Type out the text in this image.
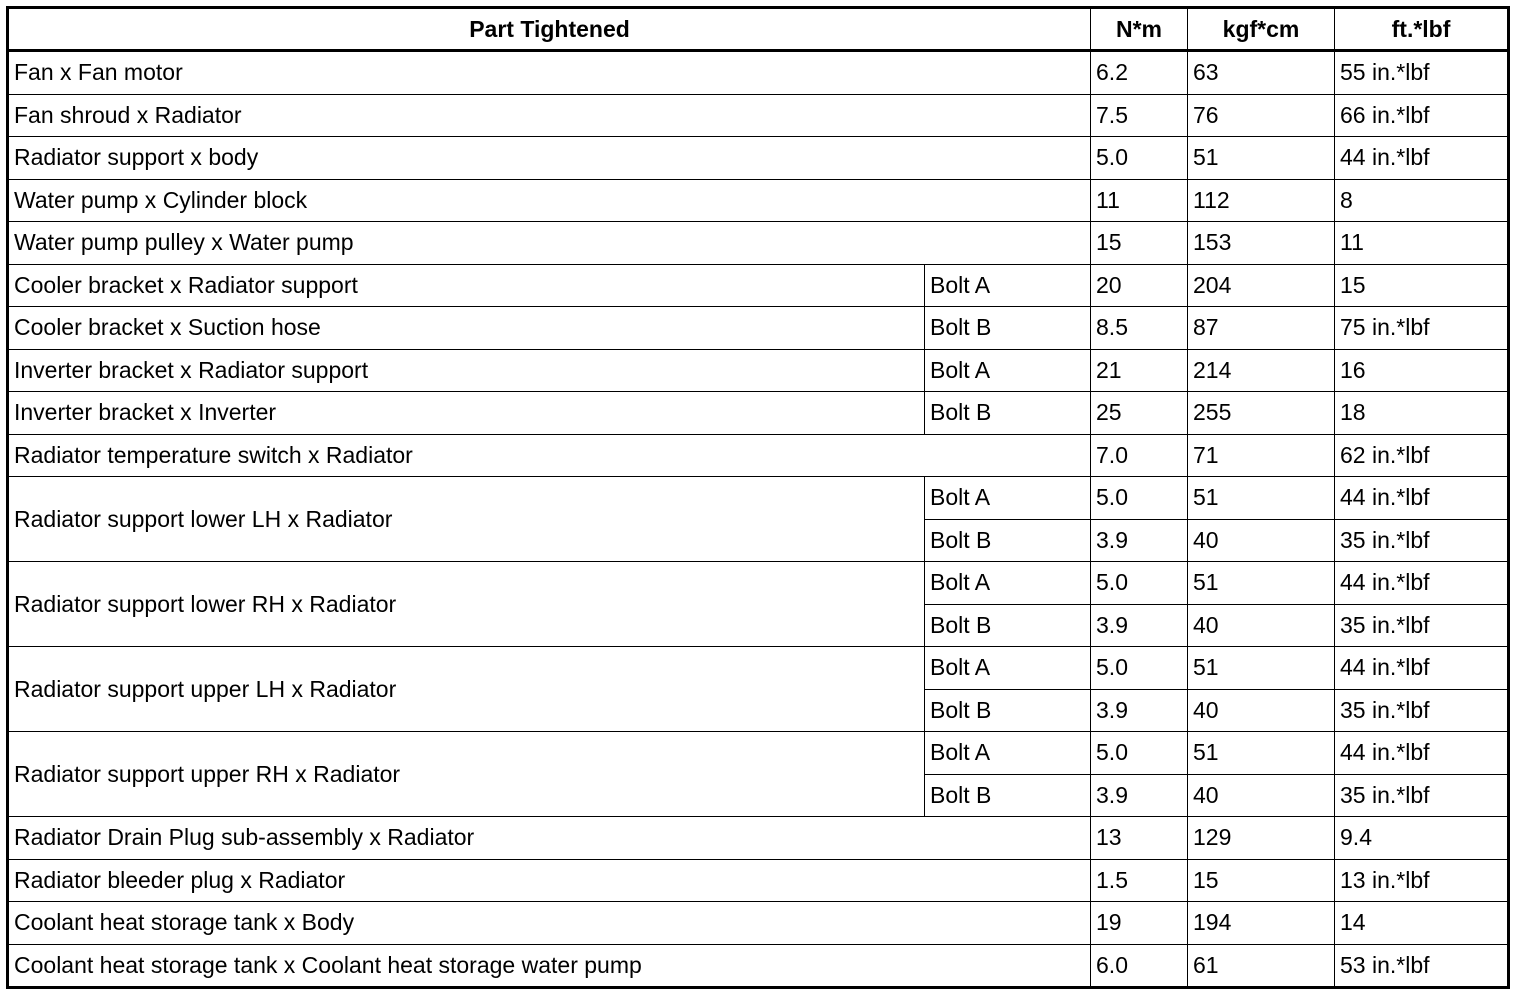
Part Tightened		N*m	kgf*cm	ft.*lbf
Fan x Fan motor		6.2	63	55 in.*lbf
Fan shroud x Radiator		7.5	76	66 in.*lbf
Radiator support x body		5.0	51	44 in.*lbf
Water pump x Cylinder block		11	112	8
Water pump pulley x Water pump		15	153	11
Cooler bracket x Radiator support	Bolt A	20	204	15
Cooler bracket x Suction hose	Bolt B	8.5	87	75 in.*lbf
Inverter bracket x Radiator support	Bolt A	21	214	16
Inverter bracket x Inverter	Bolt B	25	255	18
Radiator temperature switch x Radiator		7.0	71	62 in.*lbf
Radiator support lower LH x Radiator	Bolt A	5.0	51	44 in.*lbf
	Bolt B	3.9	40	35 in.*lbf
Radiator support lower RH x Radiator	Bolt A	5.0	51	44 in.*lbf
	Bolt B	3.9	40	35 in.*lbf
Radiator support upper LH x Radiator	Bolt A	5.0	51	44 in.*lbf
	Bolt B	3.9	40	35 in.*lbf
Radiator support upper RH x Radiator	Bolt A	5.0	51	44 in.*lbf
	Bolt B	3.9	40	35 in.*lbf
Radiator Drain Plug sub-assembly x Radiator		13	129	9.4
Radiator bleeder plug x Radiator		1.5	15	13 in.*lbf
Coolant heat storage tank x Body		19	194	14
Coolant heat storage tank x Coolant heat storage water pump		6.0	61	53 in.*lbf
